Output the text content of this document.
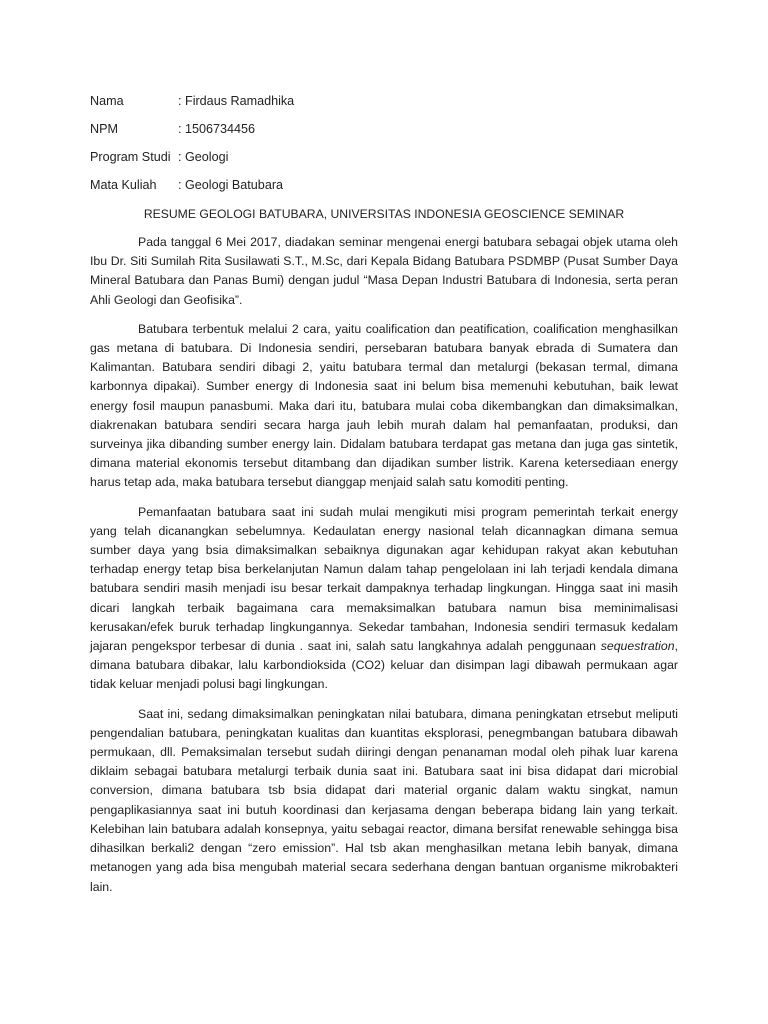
Nama	: Firdaus Ramadhika
NPM	: 1506734456
Program Studi : Geologi
Mata Kuliah	: Geologi Batubara
RESUME GEOLOGI BATUBARA, UNIVERSITAS INDONESIA GEOSCIENCE SEMINAR

Pada tanggal 6 Mei 2017, diadakan seminar mengenai energi batubara sebagai objek utama oleh Ibu Dr. Siti Sumilah Rita Susilawati S.T., M.Sc, dari Kepala Bidang Batubara PSDMBP (Pusat Sumber Daya Mineral Batubara dan Panas Bumi) dengan judul “Masa Depan Industri Batubara di Indonesia, serta peran Ahli Geologi dan Geofisika”.

Batubara terbentuk melalui 2 cara, yaitu coalification dan peatification, coalification menghasilkan gas metana di batubara. Di Indonesia sendiri, persebaran batubara banyak ebrada di Sumatera dan Kalimantan. Batubara sendiri dibagi 2, yaitu batubara termal dan metalurgi (bekasan termal, dimana karbonnya dipakai). Sumber energy di Indonesia saat ini belum bisa memenuhi kebutuhan, baik lewat energy fosil maupun panasbumi. Maka dari itu, batubara mulai coba dikembangkan dan dimaksimalkan, diakrenakan batubara sendiri secara harga jauh lebih murah dalam hal pemanfaatan, produksi, dan surveinya jika dibanding sumber energy lain. Didalam batubara terdapat gas metana dan juga gas sintetik, dimana material ekonomis tersebut ditambang dan dijadikan sumber listrik. Karena ketersediaan energy harus tetap ada, maka batubara tersebut dianggap menjaid salah satu komoditi penting.

Pemanfaatan batubara saat ini sudah mulai mengikuti misi program pemerintah terkait energy yang telah dicanangkan sebelumnya. Kedaulatan energy nasional telah dicannagkan dimana semua sumber daya yang bsia dimaksimalkan sebaiknya digunakan agar kehidupan rakyat akan kebutuhan terhadap energy tetap bisa berkelanjutan Namun dalam tahap pengelolaan ini lah terjadi kendala dimana batubara sendiri masih menjadi isu besar terkait dampaknya terhadap lingkungan. Hingga saat ini masih dicari langkah terbaik bagaimana cara memaksimalkan batubara namun bisa meminimalisasi kerusakan/efek buruk terhadap lingkungannya. Sekedar tambahan, Indonesia sendiri termasuk kedalam jajaran pengekspor terbesar di dunia . saat ini, salah satu langkahnya adalah penggunaan sequestration, dimana batubara dibakar, lalu karbondioksida (CO2) keluar dan disimpan lagi dibawah permukaan agar tidak keluar menjadi polusi bagi lingkungan.

Saat ini, sedang dimaksimalkan peningkatan nilai batubara, dimana peningkatan etrsebut meliputi pengendalian batubara, peningkatan kualitas dan kuantitas eksplorasi, penegmbangan batubara dibawah permukaan, dll. Pemaksimalan tersebut sudah diiringi dengan penanaman modal oleh pihak luar karena diklaim sebagai batubara metalurgi terbaik dunia saat ini. Batubara saat ini bisa didapat dari microbial conversion, dimana batubara tsb bsia didapat dari material organic dalam waktu singkat, namun pengaplikasiannya saat ini butuh koordinasi dan kerjasama dengan beberapa bidang lain yang terkait. Kelebihan lain batubara adalah konsepnya, yaitu sebagai reactor, dimana bersifat renewable sehingga bisa dihasilkan berkali2 dengan “zero emission”. Hal tsb akan menghasilkan metana lebih banyak, dimana metanogen yang ada bisa mengubah material secara sederhana dengan bantuan organisme mikrobakteri lain.
